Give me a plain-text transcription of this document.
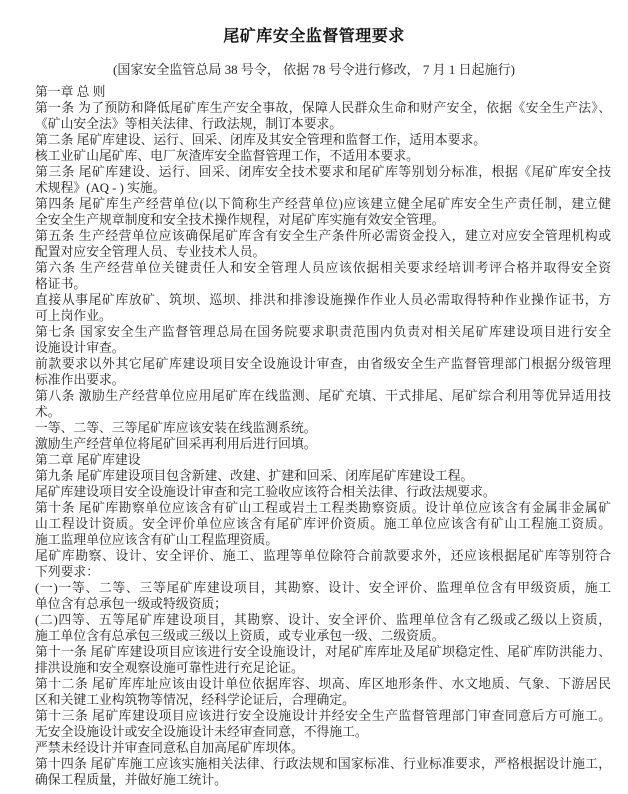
尾矿库安全监督管理要求
(国家安全监管总局 38 号令， 依据 78 号令进行修改， 7 月 1 日起施行)
第一章 总 则
第一条 为了预防和降低尾矿库生产安全事故，保障人民群众生命和财产安全，依据《安全生产法》、
《矿山安全法》等相关法律、行政法规，制订本要求。
第二条 尾矿库建设、运行、回采、闭库及其安全管理和监督工作，适用本要求。
核工业矿山尾矿库、电厂灰渣库安全监督管理工作，不适用本要求。
第三条 尾矿库建设、运行、回采、闭库安全技术要求和尾矿库等别划分标准，根据《尾矿库安全技
术规程》(AQ - ) 实施。
第四条 尾矿库生产经营单位(以下简称生产经营单位)应该建立健全尾矿库安全生产责任制，建立健
全安全生产规章制度和安全技术操作规程，对尾矿库实施有效安全管理。
第五条 生产经营单位应该确保尾矿库含有安全生产条件所必需资金投入，建立对应安全管理机构或
配置对应安全管理人员、专业技术人员。
第六条 生产经营单位关键责任人和安全管理人员应该依据相关要求经培训考评合格并取得安全资
格证书。
直接从事尾矿库放矿、筑坝、巡坝、排洪和排渗设施操作作业人员必需取得特种作业操作证书，方
可上岗作业。
第七条 国家安全生产监督管理总局在国务院要求职责范围内负责对相关尾矿库建设项目进行安全
设施设计审查。
前款要求以外其它尾矿库建设项目安全设施设计审查，由省级安全生产监督管理部门根据分级管理
标准作出要求。
第八条 激励生产经营单位应用尾矿库在线监测、尾矿充填、干式排尾、尾矿综合利用等优异适用技
术。
一等、二等、三等尾矿库应该安装在线监测系统。
激励生产经营单位将尾矿回采再利用后进行回填。
第二章 尾矿库建设
第九条 尾矿库建设项目包含新建、改建、扩建和回采、闭库尾矿库建设工程。
尾矿库建设项目安全设施设计审查和完工验收应该符合相关法律、行政法规要求。
第十条 尾矿库勘察单位应该含有矿山工程或岩土工程类勘察资质。设计单位应该含有金属非金属矿
山工程设计资质。安全评价单位应该含有尾矿库评价资质。施工单位应该含有矿山工程施工资质。
施工监理单位应该含有矿山工程监理资质。
尾矿库勘察、设计、安全评价、施工、监理等单位除符合前款要求外，还应该根据尾矿库等别符合
下列要求：
(一)一等、二等、三等尾矿库建设项目，其勘察、设计、安全评价、监理单位含有甲级资质，施工
单位含有总承包一级或特级资质；
(二)四等、五等尾矿库建设项目，其勘察、设计、安全评价、监理单位含有乙级或乙级以上资质，
施工单位含有总承包三级或三级以上资质，或专业承包一级、二级资质。
第十一条 尾矿库建设项目应该进行安全设施设计，对尾矿库库址及尾矿坝稳定性、尾矿库防洪能力、
排洪设施和安全观察设施可靠性进行充足论证。
第十二条 尾矿库库址应该由设计单位依据库容、坝高、库区地形条件、水文地质、气象、下游居民
区和关键工业构筑物等情况，经科学论证后，合理确定。
第十三条 尾矿库建设项目应该进行安全设施设计并经安全生产监督管理部门审查同意后方可施工。
无安全设施设计或安全设施设计未经审查同意，不得施工。
严禁未经设计并审查同意私自加高尾矿库坝体。
第十四条 尾矿库施工应该实施相关法律、行政法规和国家标准、行业标准要求，严格根据设计施工，
确保工程质量，并做好施工统计。
